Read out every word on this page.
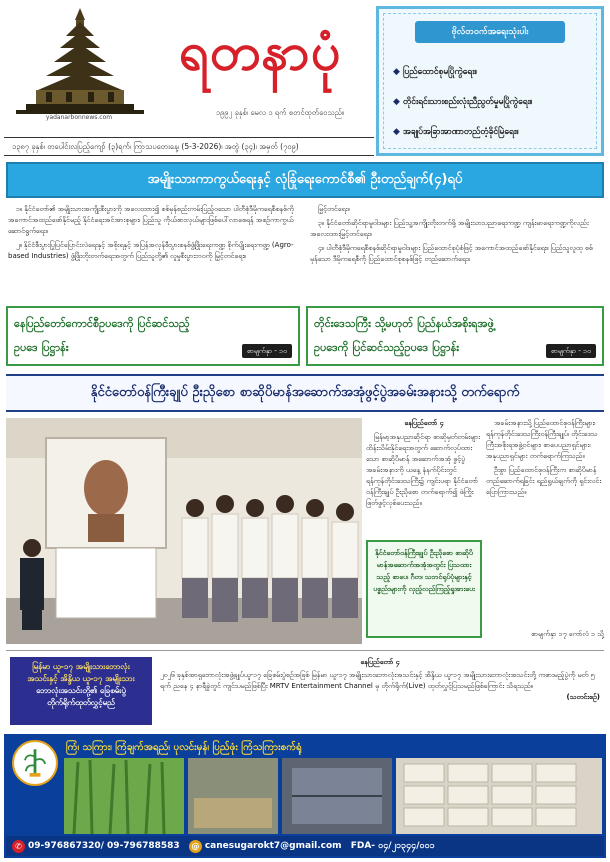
yadanarbonnews.com
ရတနာပုံ
၁၉၉၂ ခုနှစ်၊ မေလ ၁ ရက် စတင်ထုတ်ဝေသည်။
၁၃၈၇ ခုနှစ်၊ တပေါင်းလပြည့်ကျော် (၃)ရက်၊ ကြာသပတေးနေ့၊ (5-3-2026)၊ အတွဲ (၃၄)၊ အမှတ် (၇၀၉)
ဗိုလ်တဝက်အရေးသုံးပါး
◆ ပြည်ထောင်စုမပြိုကွဲရေး။
◆ တိုင်းရင်းသားစည်းလုံးညီညွတ်မှုမပြိုကွဲရေး။
◆ အချုပ်အခြာအာဏာတည်တံ့ခိုင်မြဲရေး။
အမျိုးသားကာကွယ်ရေးနှင့် လုံခြုံရေးကောင်စီ၏ ဦးတည်ချက်(၄)ရပ်

၁။ နိုင်ငံတော်၏ အမျိုးသားအကျိုးစီးပွားကို အလေးထား၍ စစ်မှန်စည်းကမ်းပြည့်ဝသော ပါတီစုံဒီမိုကရေစီစနစ်ကို အကောင်အထည်ဖော်နိုင်မည့် နိုင်ငံရေးအင်အားစုများ၊ ပြည်သူ ကိုယ်စားလှယ်များဖြစ်ပေါ်လာစေရန် အစဉ်ကာကွယ်ဆောင်ရွက်ရေး။

၂။ နိုင်ငံစီးပွားပြုပြင်ပြောင်းလဲရေးနှင့် အစိုးရနှင့် အပြန်အလှန်စီးပွားစနစ်ဖွံ့ဖြိုးရေးကဏ္ဍ စိုက်ပျိုးရေးကဏ္ဍ (Agro-based Industries) ဖွံ့ဖြိုးတိုးတက်ရေးအတွက် ပြည်သူတို့၏ လူမှုစီးပွားဘဝကို မြှင့်တင်ရေး။

မြှင့်တင်ရေး။

၃။ နိုင်ငံတော်ဆိုင်ရာမူဝါဒများ ပြည်သူ့အကျိုးတိုးတက်ဖို့ အမျိုးသားပညာရေးကဏ္ဍ ကျန်းမာရေးကဏ္ဍကိုလည်း အလေးထားမြှင့်တင်ရေး။

၄။ ပါတီစုံဒီမိုကရေစီစနစ်ဆိုင်ရာမူဝါဒများ ပြည်ထောင်စုပုံစံဖြင့် အကောင်အထည်ဖော်နိုင်ရေး။ ပြည်သူလူထု စစ်မှန်သော ဒီမိုကရေစီကို ပြည်ထောင်စုစနစ်ဖြင့် တည်ဆောက်ရေး။

နေပြည်တော်ကောင်စီဥပဒေကို ပြင်ဆင်သည့်
ဥပဒေ ပြဋ္ဌာန်း	စာမျက်နှာ - ၁၀
တိုင်းဒေသကြီး သို့မဟုတ် ပြည်နယ်အစိုးရအဖွဲ့
ဥပဒေကို ပြင်ဆင်သည့်ဥပဒေ ပြဋ္ဌာန်း	စာမျက်နှာ - ၁၀
နိုင်ငံတော်ဝန်ကြီးချုပ် ဦးညိုစော စာဆိုပိမာန်အဆောက်အအုံဖွင့်ပွဲအခမ်းအနားသို့ တက်ရောက်

နေပြည်တော် ၄

မြန်မာ့အနုပညာဆိုင်ရာ စာဆိုမှတ်တမ်းများ ထိန်းသိမ်းနိုင်ရေးအတွက် ဆောက်လုပ်ထားသော စာဆိုပိမာန် အဆောက်အအုံ ဖွင့်ပွဲအခမ်းအနားကို ယနေ့ နံနက်ပိုင်းတွင် ရန်ကုန်တိုင်းဒေသကြီး၌ ကျင်းပရာ နိုင်ငံတော်ဝန်ကြီးချုပ် ဦးညိုစော တက်ရောက်၍ ဖဲကြိုးဖြတ်ဖွင့်လှစ်ပေးသည်။

နိုင်ငံတော်ဝန်ကြီးချုပ် ဦးညိုစော စာဆိုပိမာန်အဆောက်အအုံအတွင်း ပြသထားသည့် စာပေ၊ ဂီတ၊ သဘင်ရုပ်ပုံများနှင့် ပစ္စည်းများကို လှည့်လည်ကြည့်ရှုအားပေး

အခမ်းအနားသို့ ပြည်ထောင်စုဝန်ကြီးများ၊ ရန်ကုန်တိုင်းဒေသကြီးဝန်ကြီးချုပ်၊ တိုင်းဒေသကြီးအစိုးရအဖွဲ့ဝင်များ၊ စာပေပညာရှင်များ၊ အနုပညာရှင်များ တက်ရောက်ကြသည်။

ဦးစွာ ပြည်ထောင်စုဝန်ကြီးက စာဆိုပိမာန် တည်ဆောက်ရခြင်း ရည်ရွယ်ချက်ကို ရှင်းလင်းပြောကြားသည်။

စာမျက်နှာ ၁၇ ကော်လံ ၁ သို့
မြန်မာ ယူ-၁၇ အမျိုးသားဘောလုံး
အသင်းနှင့် အိန္ဒိယ ယူ-၁၇ အမျိုးသား
ဘောလုံးအသင်းတို့၏ ခြေစမ်းပွဲ
တိုက်ရိုက်ထုတ်လွှင့်မည်
နေပြည်တော် ၄
၂၀၂၆ ခုနှစ်အာရှဘောလုံးအဖွဲ့ချုပ်ယူ-၁၇ ခြေစမ်းပွဲစဉ်အဖြစ် မြန်မာ ယူ-၁၇ အမျိုးသားဘောလုံးအသင်းနှင့် အိန္ဒိယ ယူ-၁၇ အမျိုးသားဘောလုံးအသင်းတို့ ကစားမည့်ပွဲကို မတ် ၅ ရက် ညနေ ၄ နာရီခွဲတွင် ကျင်းပမည်ဖြစ်ပြီး MRTV Entertainment Channel မှ တိုက်ရိုက်(Live) ထုတ်လွှင့်ပြသမည်ဖြစ်ကြောင်း သိရသည်။
(သတင်းစဉ်)
ကြံ၊ သကြား၊ ကြံချက်အရည်၊ ပုလင်းမှန်၊ ပြည်ဖုံး ကြံသကြားစက်ရုံ
✆ 09-976867320/ 09-796788583 @ canesugarokt7@gmail.com FDA- ၀၄/၂၁၃၄၄/၀၀၁
